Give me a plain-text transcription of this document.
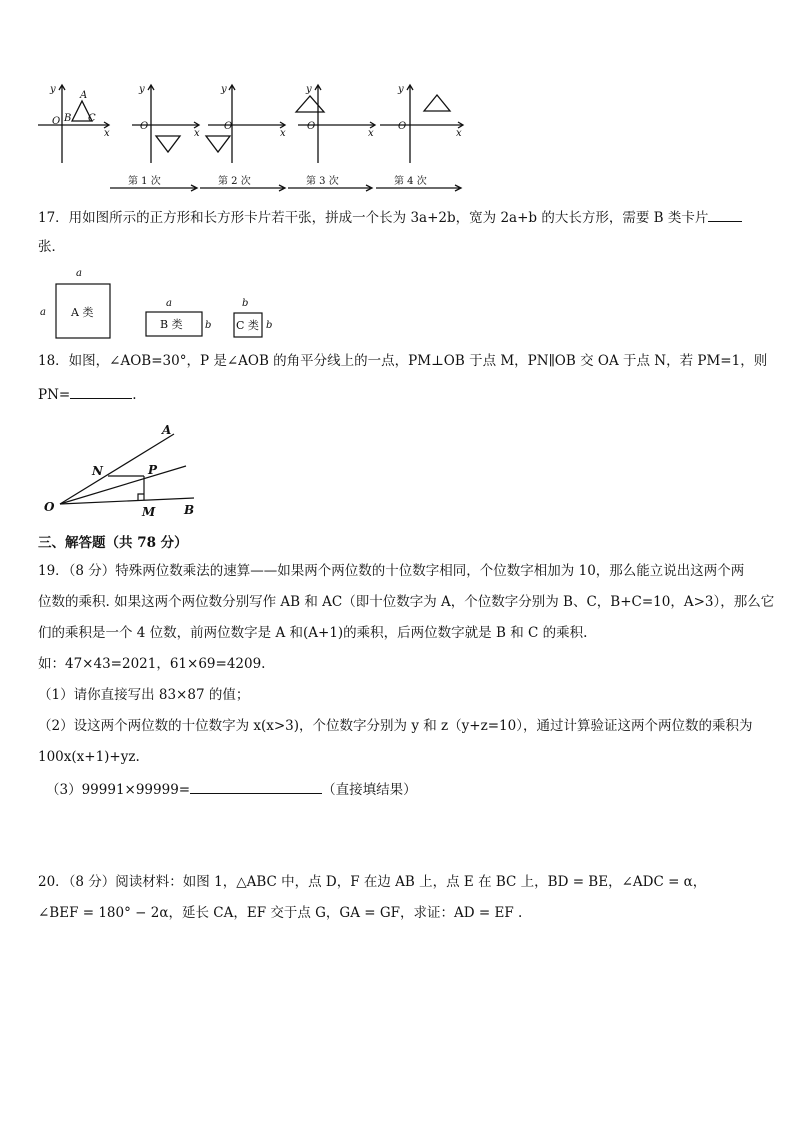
y
x
O
A
B C
y
x
O
y
x
O
y
x
O
y
x
O
第 1 次	第 2 次	第 3 次	第 4 次
17．用如图所示的正方形和长方形卡片若干张，拼成一个长为 3a+2b，宽为 2a+b 的大长方形，需要 B 类卡片
张．
a
a A 类
a
b
B 类
b
b
C 类
18．如图，∠AOB=30°，P 是∠AOB 的角平分线上的一点，PM⊥OB 于点 M，PN∥OB 交 OA 于点 N，若 PM=1，则
PN=	.
A
N	P
O	M B
三、解答题（共 78 分）
19．（8 分）特殊两位数乘法的速算——如果两个两位数的十位数字相同，个位数字相加为 10，那么能立说出这两个两
位数的乘积. 如果这两个两位数分别写作 AB 和 AC（即十位数字为 A，个位数字分别为 B、C，B+C=10，A>3），那么它
们的乘积是一个 4 位数，前两位数字是 A 和(A+1)的乘积，后两位数字就是 B 和 C 的乘积.
如：47×43=2021，61×69=4209.
（1）请你直接写出 83×87 的值；
（2）设这两个两位数的十位数字为 x(x>3)，个位数字分别为 y 和 z（y+z=10），通过计算验证这两个两位数的乘积为
100x(x+1)+yz.
（3）99991×99999=	（直接填结果）
20．（8 分）阅读材料：如图 1，△ABC 中，点 D，F 在边 AB 上，点 E 在 BC 上，BD = BE，∠ADC = α，
∠BEF = 180° − 2α，延长 CA，EF 交于点 G，GA = GF，求证：AD = EF .
